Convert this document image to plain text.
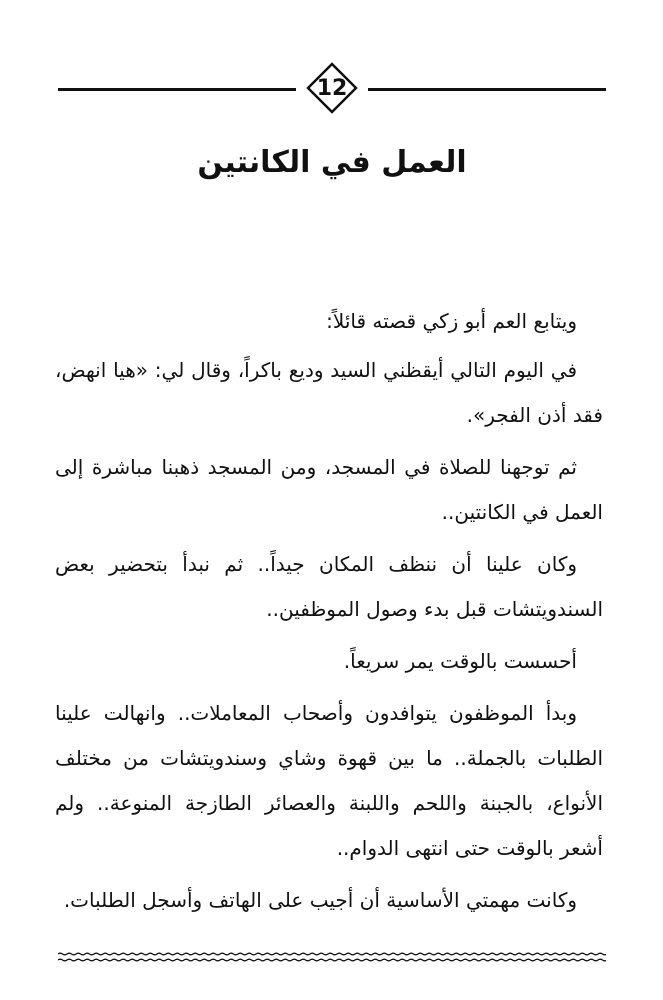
12
العمل في الكانتين

ويتابع العم أبو زكي قصته قائلاً:

في اليوم التالي أيقظني السيد وديع باكراً، وقال لي: «هيا انهض، فقد أذن الفجر».

ثم توجهنا للصلاة في المسجد، ومن المسجد ذهبنا مباشرة إلى العمل في الكانتين..

وكان علينا أن ننظف المكان جيداً.. ثم نبدأ بتحضير بعض السندويتشات قبل بدء وصول الموظفين..

أحسست بالوقت يمر سريعاً.

وبدأ الموظفون يتوافدون وأصحاب المعاملات.. وانهالت علينا الطلبات بالجملة.. ما بين قهوة وشاي وسندويتشات من مختلف الأنواع، بالجبنة واللحم واللبنة والعصائر الطازجة المنوعة.. ولم أشعر بالوقت حتى انتهى الدوام..

وكانت مهمتي الأساسية أن أجيب على الهاتف وأسجل الطلبات.
